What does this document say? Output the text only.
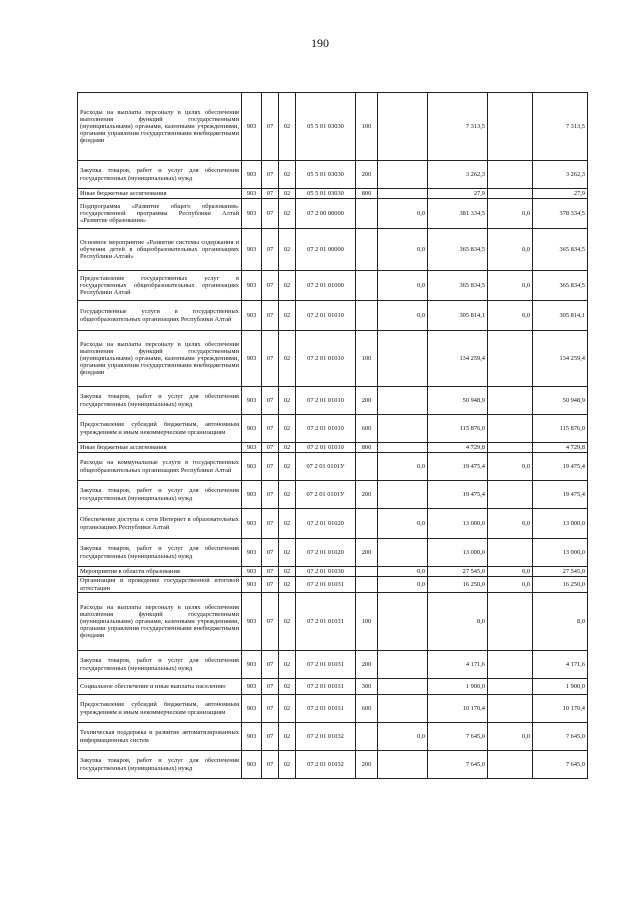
190
Расходы на выплаты персоналу в целях обеспечения выполнения функций государственными (муниципальными) органами, казенными учреждениями, органами управления государственными внебюджетными фондами	903	07	02	05 5 01 03030	100		7 313,5		7 313,5
Закупка товаров, работ и услуг для обеспечения государственных (муниципальных) нужд	903	07	02	05 5 01 03030	200		3 262,3		3 262,3
Иные бюджетные ассигнования	903	07	02	05 5 01 03030	800		27,9		27,9
Подпрограмма «Развитие общего образования» государственной программы Республики Алтай «Развитие образования»	903	07	02	07 2 00 00000		0,0	381 334,5	0,0	378 334,5
Основное мероприятие «Развитие системы содержания и обучения детей в общеобразовательных организациях Республики Алтай»	903	07	02	07 2 01 00000		0,0	365 834,5	0,0	365 834,5
Предоставление государственных услуг в государственных общеобразовательных организациях Республики Алтай	903	07	02	07 2 01 01000		0,0	365 834,5	0,0	365 834,5
Государственные услуги в государственных общеобразовательных организациях Республики Алтай	903	07	02	07 2 01 01010		0,0	305 814,1	0,0	305 814,1
Расходы на выплаты персоналу в целях обеспечения выполнения функций государственными (муниципальными) органами, казенными учреждениями, органами управления государственными внебюджетными фондами	903	07	02	07 2 01 01010	100		134 259,4		134 259,4
Закупка товаров, работ и услуг для обеспечения государственных (муниципальных) нужд	903	07	02	07 2 01 01010	200		50 948,9		50 948,9
Предоставление субсидий бюджетным, автономным учреждениям и иным некоммерческим организациям	903	07	02	07 2 01 01010	600		115 876,0		115 876,0
Иные бюджетные ассигнования	903	07	02	07 2 01 01010	800		4 729,8		4 729,8
Расходы на коммунальные услуги в государственных общеобразовательных организациях Республики Алтай	903	07	02	07 2 01 0101У		0,0	19 475,4	0,0	19 475,4
Закупка товаров, работ и услуг для обеспечения государственных (муниципальных) нужд	903	07	02	07 2 01 0101У	200		19 475,4		19 475,4
Обеспечение доступа к сети Интернет в образовательных организациях Республики Алтай	903	07	02	07 2 01 01020		0,0	13 000,0	0,0	13 000,0
Закупка товаров, работ и услуг для обеспечения государственных (муниципальных) нужд	903	07	02	07 2 01 01020	200		13 000,0		13 000,0
Мероприятия в области образования	903	07	02	07 2 01 01030		0,0	27 545,0	0,0	27 545,0
Организация и проведение государственной итоговой аттестации	903	07	02	07 2 01 01031		0,0	16 250,0	0,0	16 250,0
Расходы на выплаты персоналу в целях обеспечения выполнения функций государственными (муниципальными) органами, казенными учреждениями, органами управления государственными внебюджетными фондами	903	07	02	07 2 01 01031	100		8,0		8,0
Закупка товаров, работ и услуг для обеспечения государственных (муниципальных) нужд	903	07	02	07 2 01 01031	200		4 171,6		4 171,6
Социальное обеспечение и иные выплаты населению	903	07	02	07 2 01 01031	300		1 900,0		1 900,0
Предоставление субсидий бюджетным, автономным учреждениям и иным некоммерческим организациям	903	07	02	07 2 01 01031	600		10 170,4		10 170,4
Техническая поддержка и развитие автоматизированных информационных систем	903	07	02	07 2 01 01032		0,0	7 645,0	0,0	7 645,0
Закупка товаров, работ и услуг для обеспечения государственных (муниципальных) нужд	903	07	02	07 2 01 01032	200		7 645,0		7 645,0
